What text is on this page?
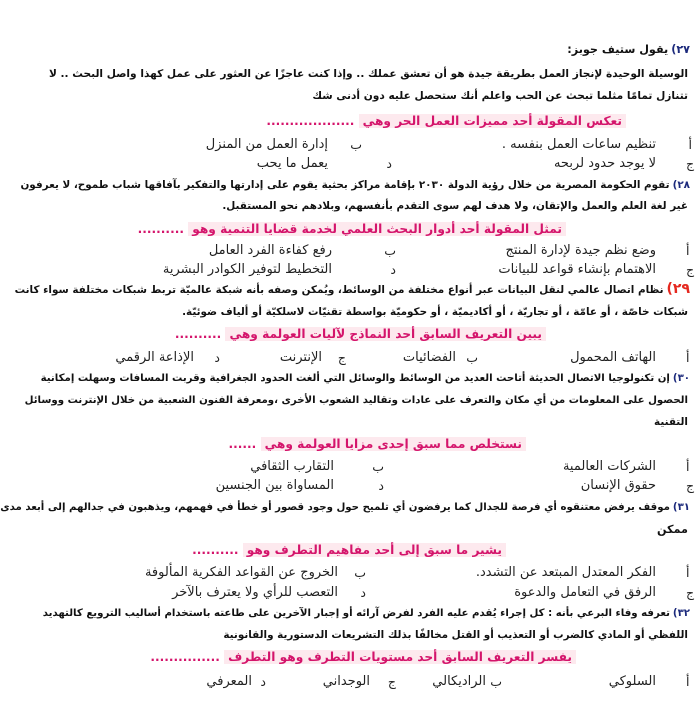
٢٧)يقول ستيف جوبز:
الوسيلة الوحيدة لإنجاز العمل بطريقة جيدة هو أن تعشق عملك .. وإذا كنت عاجزًا عن العثور على عمل كهذا واصل البحث .. لا
تتنازل تمامًا مثلما تبحث عن الحب واعلم أنك ستحصل عليه دون أدنى شك
تعكس المقولة أحد مميزات العمل الحر وهي ...................
أ
تنظيم ساعات العمل بنفسه .
ب
إدارة العمل من المنزل
ج
لا يوجد حدود لربحه
د
يعمل ما يحب
٢٨)تقوم الحكومة المصرية من خلال رؤية الدولة ٢٠٣٠ بإقامة مراكز بحثية يقوم على إدارتها والتفكير بآفاقها شباب طموح، لا يعرفون
غير لغة العلم والعمل والإتقان، ولا هدف لهم سوى التقدم بأنفسهم، وبلادهم نحو المستقبل.
تمثل المقولة أحد أدوار البحث العلمي لخدمة قضايا التنمية وهو ..........
أ
وضع نظم جيدة لإدارة المنتج
ب
رفع كفاءة الفرد العامل
ج
الاهتمام بإنشاء قواعد للبيانات
د
التخطيط لتوفير الكوادر البشرية
٢٩)نظام اتصال عالمي لنقل البيانات عبر أنواع مختلفة من الوسائط، ويُمكن وصفه بأنه شبكة عالميّة تربط شبكات مختلفة سواء كانت
شبكات خاصّة ، أو عامّة ، أو تجاريّة ، أو أكاديميّة ، أو حكوميّة بواسطة تقنيّات لاسلكيّة أو ألياف ضوئيّة.
يبين التعريف السابق أحد النماذج لآليات العولمة وهي ..........
أ
الهاتف المحمول
ب
الفضائيات
ج
الإنترنت
د
الإذاعة الرقمي
٣٠)إن تكنولوجيا الاتصال الحديثة أتاحت العديد من الوسائط والوسائل التي ألغت الحدود الجغرافية وقربت المسافات وسهلت إمكانية
الحصول على المعلومات من أي مكان والتعرف على عادات وتقاليد الشعوب الأخرى ،ومعرفة الفنون الشعبية من خلال الإنترنت ووسائل
التقنية
نستخلص مما سبق إحدى مزايا العولمة وهي ......
أ
الشركات العالمية
ب
التقارب الثقافي
ج
حقوق الإنسان
د
المساواة بين الجنسين
٣١)موقف يرفض معتنقوه أي فرصة للجدال كما يرفضون أي تلميح حول وجود قصور أو خطأ في فهمهم، ويذهبون في جدالهم إلى أبعد مدى
ممكن
يشير ما سبق إلى أحد مفاهيم التطرف وهو ..........
أ
الفكر المعتدل المبتعد عن التشدد.
ب
الخروج عن القواعد الفكرية المألوفة
ج
الرفق في التعامل والدعوة
د
التعصب للرأي ولا يعترف بالآخر
٣٢)تعرفه وفاء البرعي بأنه : كل إجراء يُقدم عليه الفرد لفرض آرائه أو إجبار الآخرين على طاعته باستخدام أساليب الترويع كالتهديد
اللفظي أو المادي كالضرب أو التعذيب أو القتل مخالفًا بذلك التشريعات الدستورية والقانونية
يفسر التعريف السابق أحد مستويات التطرف وهو التطرف ...............
أ
السلوكي
ب
الراديكالي
ج
الوجداني
د
المعرفي
